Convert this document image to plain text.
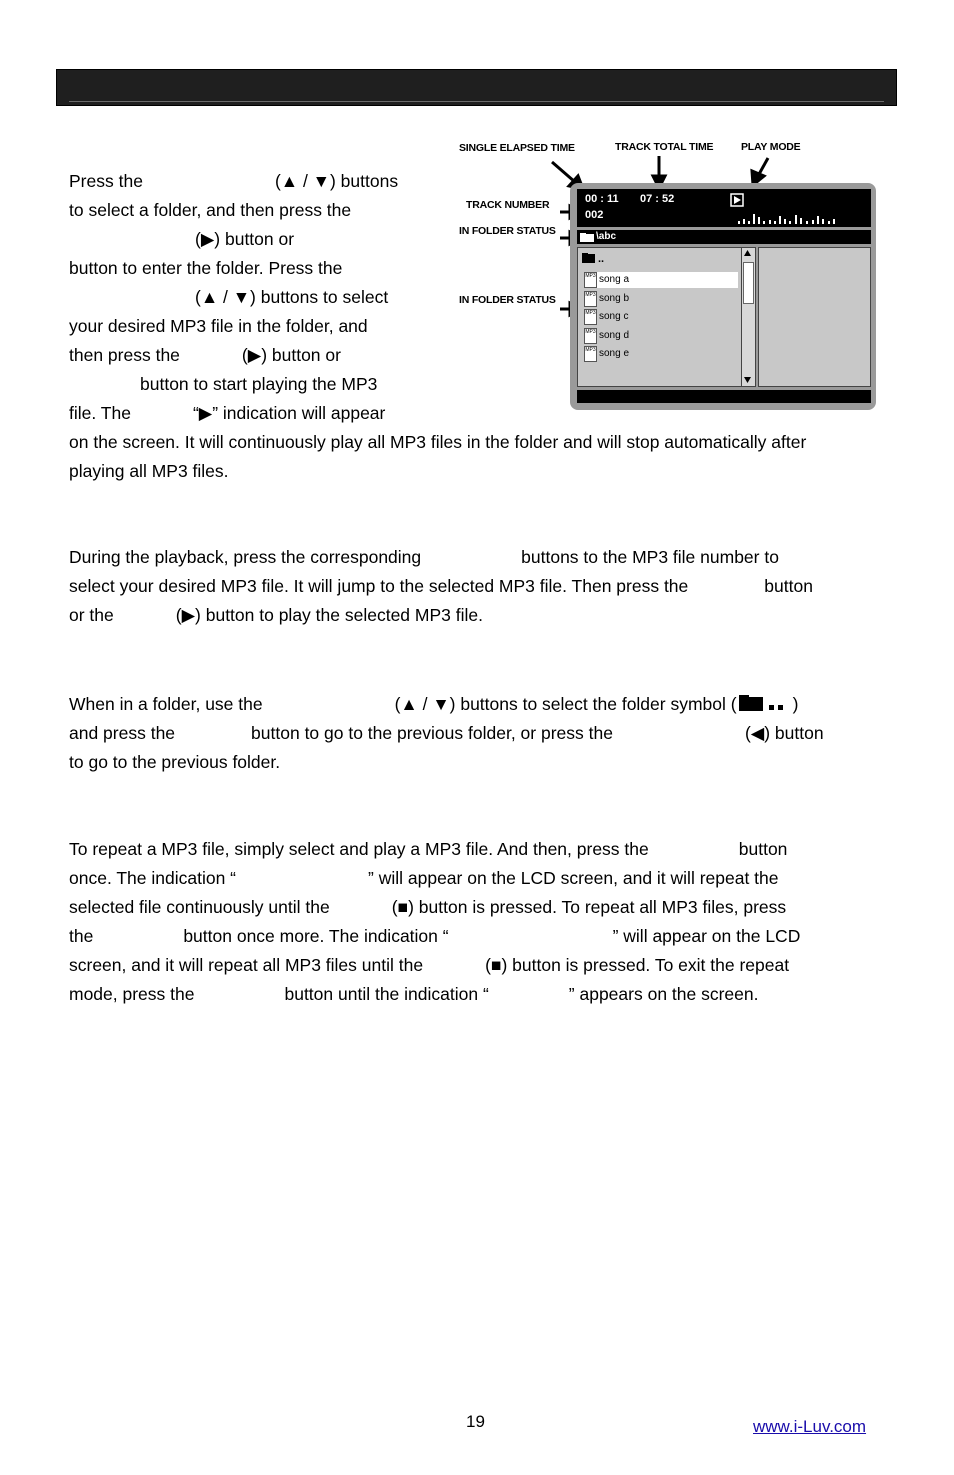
SINGLE ELAPSED TIME	TRACK TOTAL TIME	PLAY MODE
TRACK NUMBER
IN FOLDER STATUS
IN FOLDER STATUS
00 : 11 07 : 52
002
\abc
..
MP3 song a
MP3 song b
MP3 song c
MP3 song d
MP3 song e
Press the	(▲ / ▼) buttons
to select a folder, and then press the
(▶) button or
button to enter the folder. Press the
(▲ / ▼) buttons to select
your desired MP3 file in the folder, and
then press the	(▶) button or
button to start playing the MP3
file. The	“▶” indication will appear
on the screen. It will continuously play all MP3 files in the folder and will stop automatically after
playing all MP3 files.
During the playback, press the corresponding	buttons to the MP3 file number to
select your desired MP3 file. It will jump to the selected MP3 file. Then press the	button
or the	(▶) button to play the selected MP3 file.
When in a folder, use the	(▲ / ▼) buttons to select the folder symbol (	)
and press the	button to go to the previous folder, or press the	(◀) button
to go to the previous folder.
To repeat a MP3 file, simply select and play a MP3 file. And then, press the	button
once. The indication “	” will appear on the LCD screen, and it will repeat the
selected file continuously until the	(■) button is pressed. To repeat all MP3 files, press
the	button once more. The indication “	” will appear on the LCD
screen, and it will repeat all MP3 files until the	(■) button is pressed. To exit the repeat
mode, press the	button until the indication “	” appears on the screen.
19	www.i-Luv.com
